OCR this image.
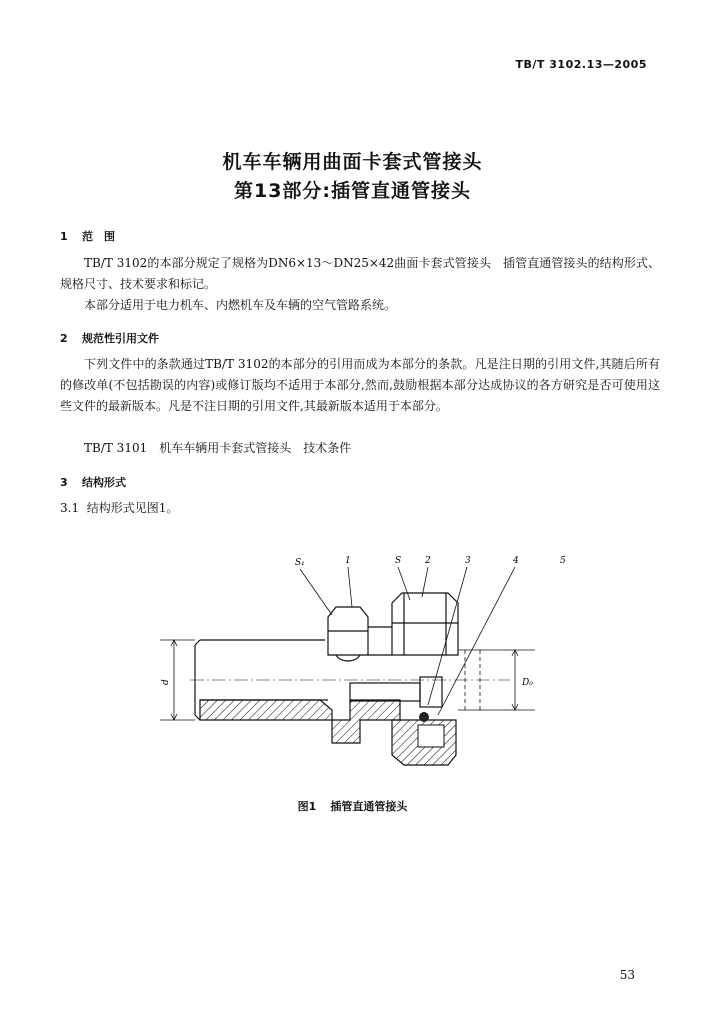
TB/T 3102.13—2005
机车车辆用曲面卡套式管接头
第13部分:插管直通管接头
1 范　围
TB/T 3102的本部分规定了规格为DN6×13～DN25×42曲面卡套式管接头　插管直通管接头的结构形式、规格尺寸、技术要求和标记。
本部分适用于电力机车、内燃机车及车辆的空气管路系统。
2 规范性引用文件
下列文件中的条款通过TB/T 3102的本部分的引用而成为本部分的条款。凡是注日期的引用文件,其随后所有的修改单(不包括勘误的内容)或修订版均不适用于本部分,然而,鼓励根据本部分达成协议的各方研究是否可使用这些文件的最新版本。凡是不注日期的引用文件,其最新版本适用于本部分。
TB/T 3101　机车车辆用卡套式管接头　技术条件
3 结构形式
3.1 结构形式见图1。
S₁	1	S	2	3	4	5
d	D₀
图1 插管直通管接头
53
